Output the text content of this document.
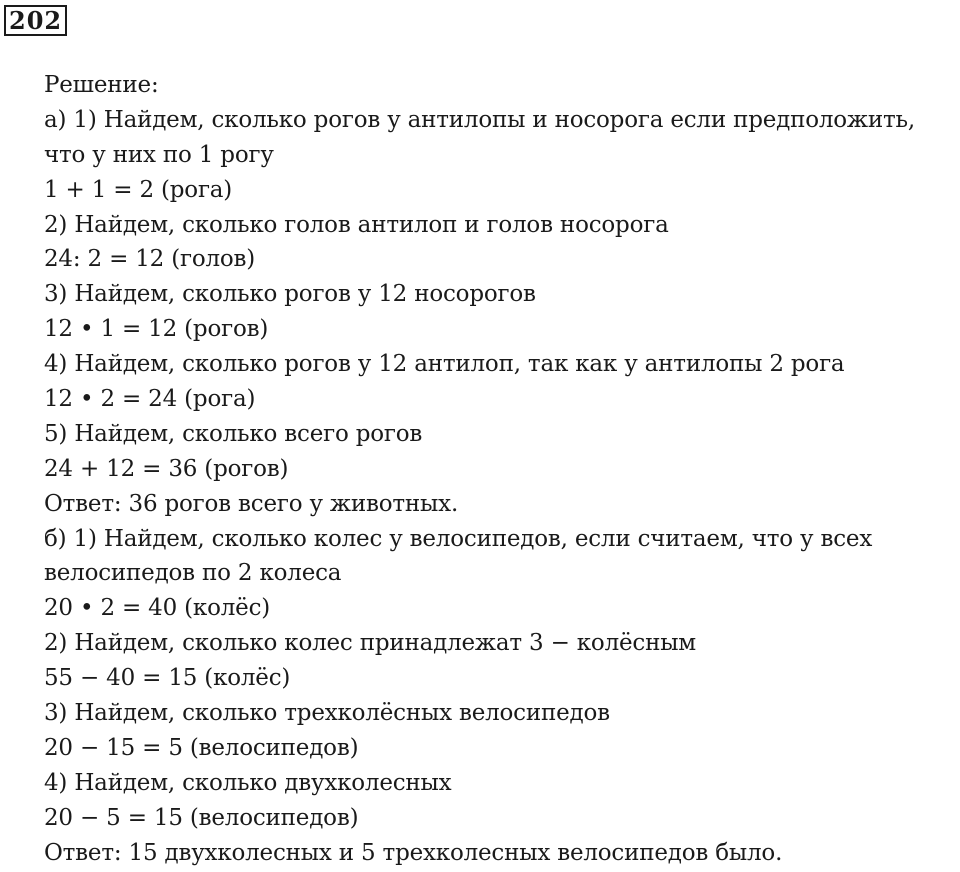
202
Решение:
а) 1) Найдем, сколько рогов у антилопы и носорога если предположить,
что у них по 1 рогу
1 + 1 = 2 (рога)
2) Найдем, сколько голов антилоп и голов носорога
24: 2 = 12 (голов)
3) Найдем, сколько рогов у 12 носорогов
12 • 1 = 12 (рогов)
4) Найдем, сколько рогов у 12 антилоп, так как у антилопы 2 рога
12 • 2 = 24 (рога)
5) Найдем, сколько всего рогов
24 + 12 = 36 (рогов)
Ответ: 36 рогов всего у животных.
б) 1) Найдем, сколько колес у велосипедов, если считаем, что у всех
велосипедов по 2 колеса
20 • 2 = 40 (колёс)
2) Найдем, сколько колес принадлежат 3 − колёсным
55 − 40 = 15 (колёс)
3) Найдем, сколько трехколёсных велосипедов
20 − 15 = 5 (велосипедов)
4) Найдем, сколько двухколесных
20 − 5 = 15 (велосипедов)
Ответ: 15 двухколесных и 5 трехколесных велосипедов было.
